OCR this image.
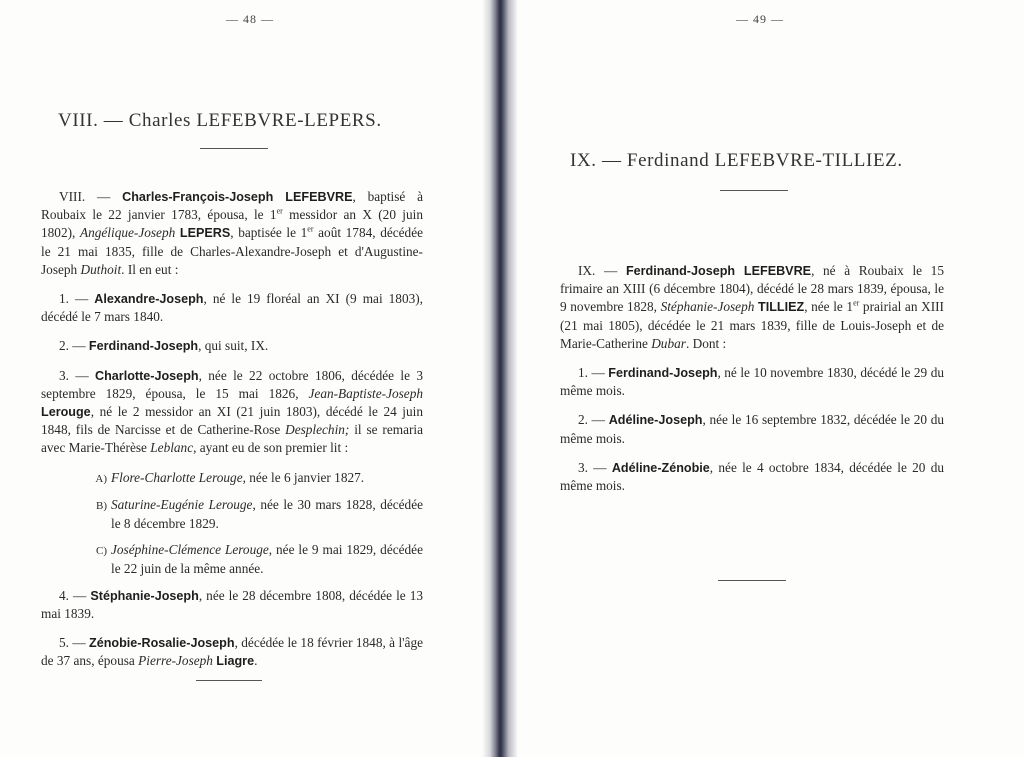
— 48 —
VIII. — Charles LEFEBVRE-LEPERS.

VIII. — Charles-François-Joseph LEFEBVRE, baptisé à Roubaix le 22 janvier 1783, épousa, le 1er messidor an X (20 juin 1802), Angélique-Joseph LEPERS, baptisée le 1er août 1784, décédée le 21 mai 1835, fille de Charles-Alexandre-Joseph et d'Augustine-Joseph Duthoit. Il en eut :

1. — Alexandre-Joseph, né le 19 floréal an XI (9 mai 1803), décédé le 7 mars 1840.

2. — Ferdinand-Joseph, qui suit, IX.

3. — Charlotte-Joseph, née le 22 octobre 1806, décédée le 3 septembre 1829, épousa, le 15 mai 1826, Jean-Baptiste-Joseph Lerouge, né le 2 messidor an XI (21 juin 1803), décédé le 24 juin 1848, fils de Narcisse et de Catherine-Rose Desplechin; il se remaria avec Marie-Thérèse Leblanc, ayant eu de son premier lit :

A) Flore-Charlotte Lerouge, née le 6 janvier 1827.

B) Saturine-Eugénie Lerouge, née le 30 mars 1828, décédée le 8 décembre 1829.

C) Joséphine-Clémence Lerouge, née le 9 mai 1829, décédée le 22 juin de la même année.

4. — Stéphanie-Joseph, née le 28 décembre 1808, décédée le 13 mai 1839.

5. — Zénobie-Rosalie-Joseph, décédée le 18 février 1848, à l'âge de 37 ans, épousa Pierre-Joseph Liagre.

— 49 —
IX. — Ferdinand LEFEBVRE-TILLIEZ.

IX. — Ferdinand-Joseph LEFEBVRE, né à Roubaix le 15 frimaire an XIII (6 décembre 1804), décédé le 28 mars 1839, épousa, le 9 novembre 1828, Stéphanie-Joseph TILLIEZ, née le 1er prairial an XIII (21 mai 1805), décédée le 21 mars 1839, fille de Louis-Joseph et de Marie-Catherine Dubar. Dont :

1. — Ferdinand-Joseph, né le 10 novembre 1830, décédé le 29 du même mois.

2. — Adéline-Joseph, née le 16 septembre 1832, décédée le 20 du même mois.

3. — Adéline-Zénobie, née le 4 octobre 1834, décédée le 20 du même mois.
